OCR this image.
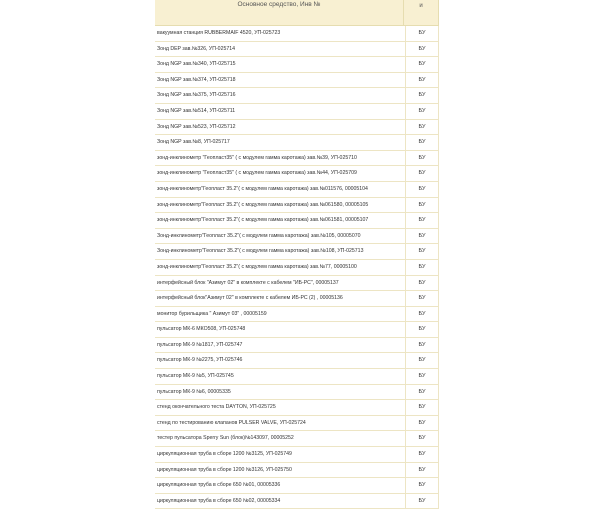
Основное средство, Инв №	и
вакуумная станция RUBBERMAIF 4520, УП-025723	БУ
Зонд DEP зав.№326, УП-025714	БУ
Зонд NGP зав.№340, УП-025715	БУ
Зонд NGP зав.№374, УП-025718	БУ
Зонд NGP зав.№375, УП-025716	БУ
Зонд NGP зав.№514, УП-025711	БУ
Зонд NGP зав.№523, УП-025712	БУ
Зонд NGP зав.№8, УП-025717	БУ
зонд-инклинометр "Геопласт35" ( с модулем гамма каротажа) зав.№39, УП-025710	БУ
зонд-инклинометр "Геопласт35" ( с модулем гамма каротажа) зав.№44, УП-025709	БУ
зонд-инклинометр"Геопласт 35.2"( с модулем гамма каротажа) зав.№011576, 00005104	БУ
зонд-инклинометр"Геопласт 35.2"( с модулем гамма каротажа) зав.№061580, 00005105	БУ
зонд-инклинометр"Геопласт 35.2"( с модулем гамма каротажа) зав.№061581, 00005107	БУ
Зонд-инклинометр"Геопласт 35.2"( с модулем гамма каротажа) зав.№105, 00005070	БУ
Зонд-инклинометр"Геопласт 35.2"( с модулем гамма каротажа) зав.№108, УП-025713	БУ
зонд-инклинометр"Геопласт 35.2"( с модулем гамма каротажа) зав.№77, 00005100	БУ
интерфейсный блок "Азимут 02" в комплекте с кабелем "ИБ-РС", 00005137	БУ
интерфейсный блок"Азимут 02" в комплекте с кабелем ИБ-РС (2) , 00005136	БУ
монитор бурильщика " Азимут 03" , 00005159	БУ
пульсатор МК-6 МКО508, УП-025748	БУ
пульсатор МК-9 №1817, УП-025747	БУ
пульсатор МК-9 №2275, УП-025746	БУ
пульсатор МК-9 №5, УП-025745	БУ
пульсатор МК-9 №6, 00005335	БУ
стенд окончательного теста DAYTON, УП-025725	БУ
стенд по тестированию клапанов PULSER VALVE, УП-025724	БУ
тестер пульсатора Sperry Sun (блок)№143097, 00005252	БУ
циркуляционная труба в сборе 1200 №3125, УП-025749	БУ
циркуляционная труба в сборе 1200 №3126, УП-025750	БУ
циркуляционная труба в сборе 650 №01, 00005336	БУ
циркуляционная труба в сборе 650 №02, 00005334	БУ
